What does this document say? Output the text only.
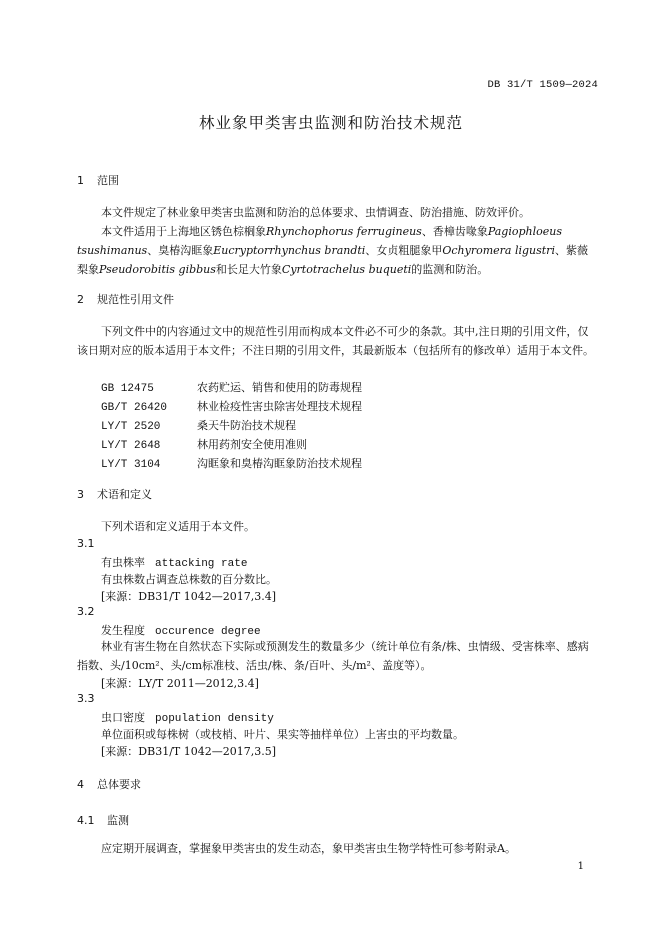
DB 31/T 1509—2024
林业象甲类害虫监测和防治技术规范
1 范围
本文件规定了林业象甲类害虫监测和防治的总体要求、虫情调查、防治措施、防效评价。
本文件适用于上海地区锈色棕榈象Rhynchophorus ferrugineus、香樟齿喙象Pagiophloeus tsushimanus、臭椿沟眶象Eucryptorrhynchus brandti、女贞粗腿象甲Ochyromera ligustri、紫薇梨象Pseudorobitis gibbus和长足大竹象Cyrtotrachelus buqueti的监测和防治。
2 规范性引用文件
下列文件中的内容通过文中的规范性引用而构成本文件必不可少的条款。其中,注日期的引用文件，仅该日期对应的版本适用于本文件；不注日期的引用文件，其最新版本（包括所有的修改单）适用于本文件。
GB 12475	农药贮运、销售和使用的防毒规程
GB/T 26420	林业检疫性害虫除害处理技术规程
LY/T 2520	桑天牛防治技术规程
LY/T 2648	林用药剂安全使用准则
LY/T 3104	沟眶象和臭椿沟眶象防治技术规程
3 术语和定义
下列术语和定义适用于本文件。
3.1
有虫株率 attacking rate
有虫株数占调查总株数的百分数比。
[来源：DB31/T 1042—2017,3.4]
3.2
发生程度 occurence degree
林业有害生物在自然状态下实际或预测发生的数量多少（统计单位有条/株、虫情级、受害株率、感病指数、头/10cm²、头/cm标准枝、活虫/株、条/百叶、头/m²、盖度等）。
[来源：LY/T 2011—2012,3.4]
3.3
虫口密度 population density
单位面积或每株树（或枝梢、叶片、果实等抽样单位）上害虫的平均数量。
[来源：DB31/T 1042—2017,3.5]
4 总体要求
4.1 监测
应定期开展调查，掌握象甲类害虫的发生动态，象甲类害虫生物学特性可参考附录A。
1
